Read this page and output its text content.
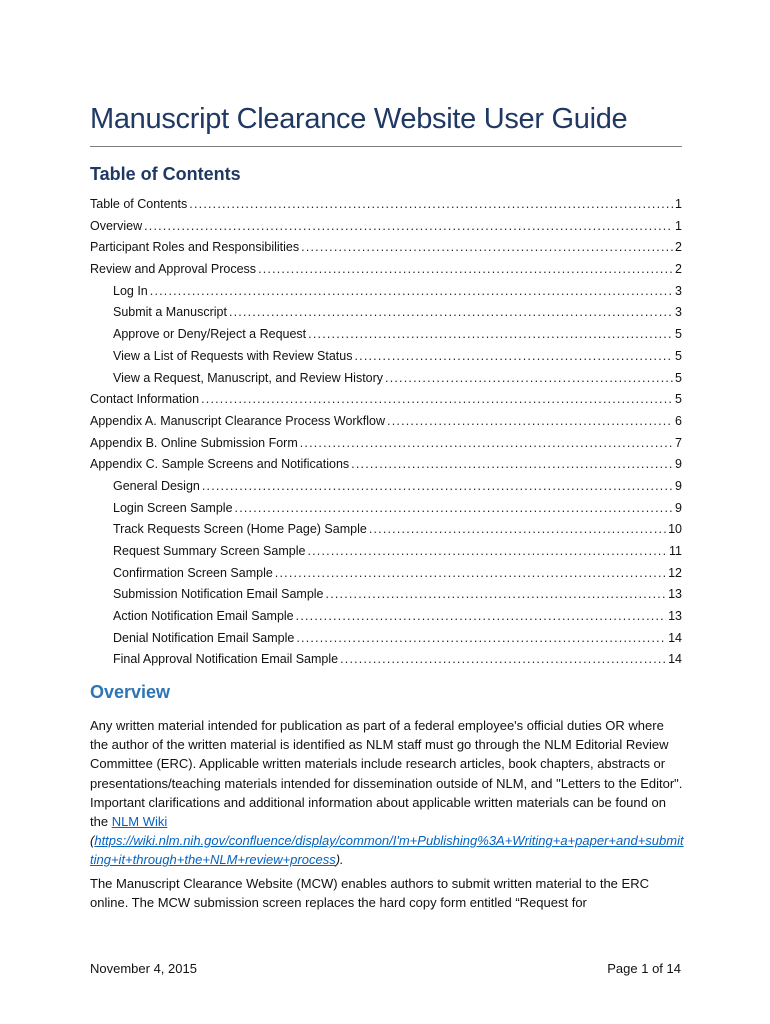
Manuscript Clearance Website User Guide
Table of Contents
Table of Contents .....	1
Overview .....	1
Participant Roles and Responsibilities .....	2
Review and Approval Process .....	2
Log In .....	3
Submit a Manuscript .....	3
Approve or Deny/Reject a Request .....	5
View a List of Requests with Review Status .....	5
View a Request, Manuscript, and Review History .....	5
Contact Information .....	5
Appendix A. Manuscript Clearance Process Workflow .....	6
Appendix B. Online Submission Form .....	7
Appendix C. Sample Screens and Notifications .....	9
General Design .....	9
Login Screen Sample .....	9
Track Requests Screen (Home Page) Sample .....	10
Request Summary Screen Sample .....	11
Confirmation Screen Sample .....	12
Submission Notification Email Sample .....	13
Action Notification Email Sample .....	13
Denial Notification Email Sample .....	14
Final Approval Notification Email Sample .....	14
Overview

Any written material intended for publication as part of a federal employee's official duties OR where the author of the written material is identified as NLM staff must go through the NLM Editorial Review Committee (ERC). Applicable written materials include research articles, book chapters, abstracts or presentations/teaching materials intended for dissemination outside of NLM, and "Letters to the Editor". Important clarifications and additional information about applicable written materials can be found on the NLM Wiki
(https://wiki.nlm.nih.gov/confluence/display/common/I'm+Publishing%3A+Writing+a+paper+and+submitting+it+through+the+NLM+review+process).

The Manuscript Clearance Website (MCW) enables authors to submit written material to the ERC online. The MCW submission screen replaces the hard copy form entitled “Request for

November 4, 2015	Page 1 of 14
